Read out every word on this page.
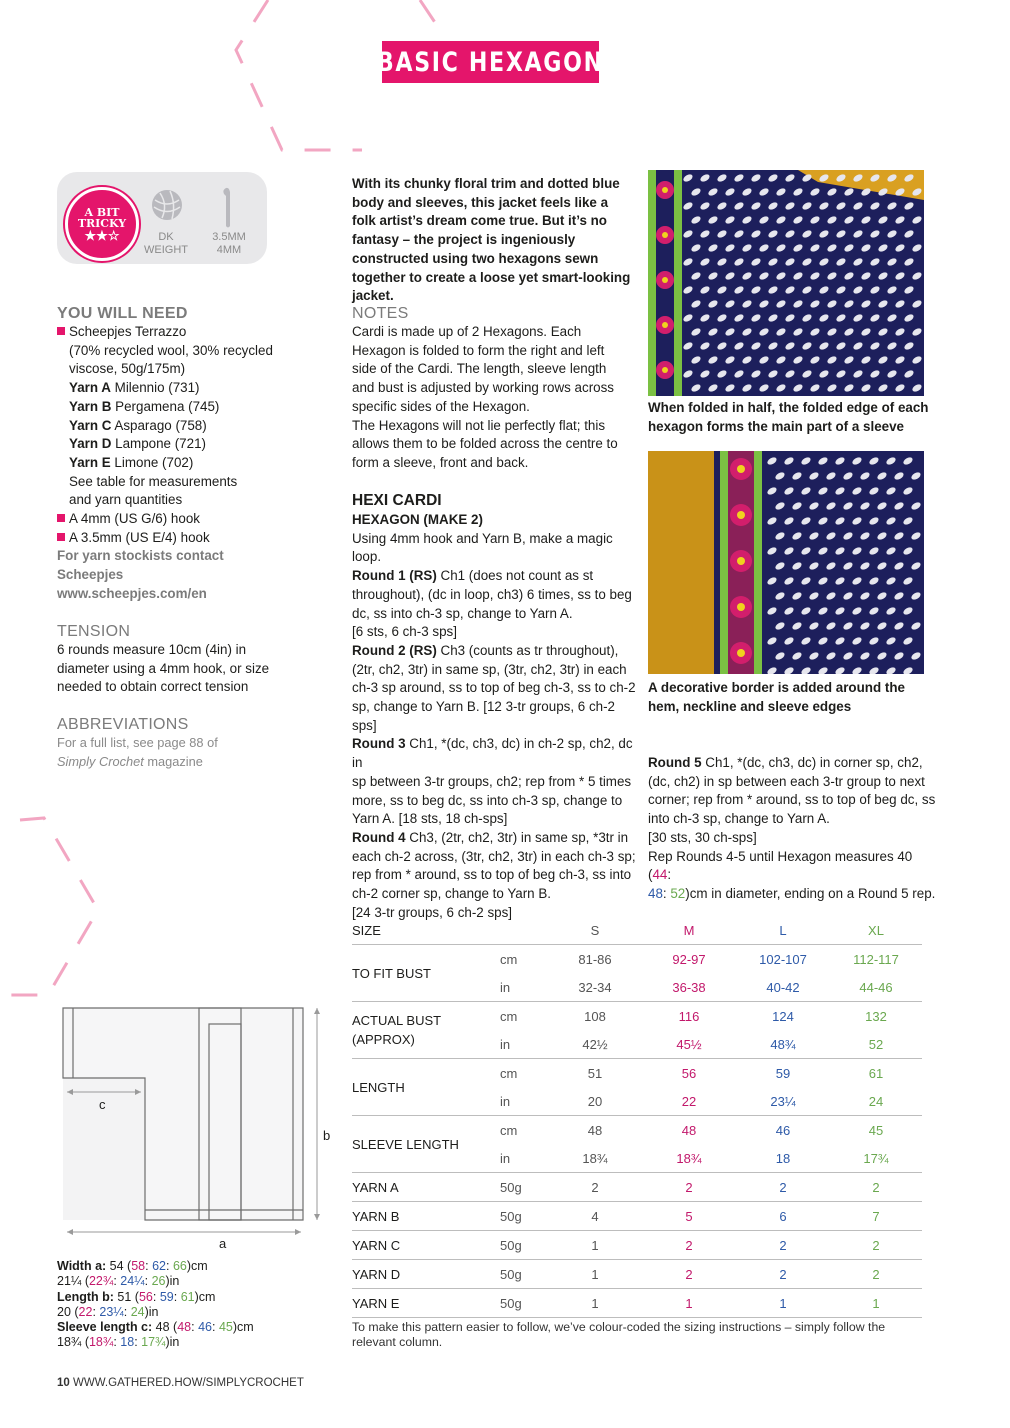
BASIC HEXAGON
A BIT
TRICKY
★★☆	DK
WEIGHT
3.5MM
4MM
With its chunky floral trim and dotted blue body and sleeves, this jacket feels like a folk artist’s dream come true. But it’s no fantasy – the project is ingeniously constructed using two hexagons sewn together to create a loose yet smart-looking jacket.
YOU WILL NEED
Scheepjes Terrazzo
(70% recycled wool, 30% recycled
viscose, 50g/175m)
Yarn A Milennio (731)
Yarn B Pergamena (745)
Yarn C Asparago (758)
Yarn D Lampone (721)
Yarn E Limone (702)
See table for measurements
and yarn quantities
A 4mm (US G/6) hook
A 3.5mm (US E/4) hook
For yarn stockists contact
Scheepjes
www.scheepjes.com/en
TENSION
6 rounds measure 10cm (4in) in
diameter using a 4mm hook, or size
needed to obtain correct tension
ABBREVIATIONS
For a full list, see page 88 of
Simply Crochet magazine
NOTES
Cardi is made up of 2 Hexagons. Each
Hexagon is folded to form the right and left
side of the Cardi. The length, sleeve length
and bust is adjusted by working rows across
specific sides of the Hexagon.
The Hexagons will not lie perfectly flat; this
allows them to be folded across the centre to
form a sleeve, front and back.
HEXI CARDI
HEXAGON (MAKE 2)
Using 4mm hook and Yarn B, make a magic
loop.
Round 1 (RS) Ch1 (does not count as st
throughout), (dc in loop, ch3) 6 times, ss to beg
dc, ss into ch-3 sp, change to Yarn A.
[6 sts, 6 ch-3 sps]
Round 2 (RS) Ch3 (counts as tr throughout),
(2tr, ch2, 3tr) in same sp, (3tr, ch2, 3tr) in each
ch-3 sp around, ss to top of beg ch-3, ss to ch-2
sp, change to Yarn B. [12 3-tr groups, 6 ch-2 sps]
Round 3 Ch1, *(dc, ch3, dc) in ch-2 sp, ch2, dc in
sp between 3-tr groups, ch2; rep from * 5 times
more, ss to beg dc, ss into ch-3 sp, change to
Yarn A. [18 sts, 18 ch-sps]
Round 4 Ch3, (2tr, ch2, 3tr) in same sp, *3tr in
each ch-2 across, (3tr, ch2, 3tr) in each ch-3 sp;
rep from * around, ss to top of beg ch-3, ss into
ch-2 corner sp, change to Yarn B.
[24 3-tr groups, 6 ch-2 sps]
When folded in half, the folded edge of each
hexagon forms the main part of a sleeve
A decorative border is added around the
hem, neckline and sleeve edges
Round 5 Ch1, *(dc, ch3, dc) in corner sp, ch2,
(dc, ch2) in sp between each 3-tr group to next
corner; rep from * around, ss to top of beg dc, ss
into ch-3 sp, change to Yarn A.
[30 sts, 30 ch-sps]
Rep Rounds 4-5 until Hexagon measures 40 (44:
48: 52)cm in diameter, ending on a Round 5 rep.
c
a
b
Width a: 54 (58: 62: 66)cm
21¼ (22¾: 24¼: 26)in
Length b: 51 (56: 59: 61)cm
20 (22: 23¼: 24)in
Sleeve length c: 48 (48: 46: 45)cm
18¾ (18¾: 18: 17¾)in
SIZE		S	M	L	XL
TO FIT BUST	cm	81-86	92-97	102-107	112-117
	in	32-34	36-38	40-42	44-46

ACTUAL BUST
(APPROX)	cm	108	116	124	132
	in	42½	45½	48¾	52
LENGTH	cm	51	56	59	61
	in	20	22	23¼	24
SLEEVE LENGTH	cm	48	48	46	45
	in	18¾	18¾	18	17¾
YARN A	50g	2	2	2	2
YARN B	50g	4	5	6	7
YARN C	50g	1	2	2	2
YARN D	50g	1	2	2	2
YARN E	50g	1	1	1	1
To make this pattern easier to follow, we’ve colour-coded the sizing instructions – simply follow the
relevant column.
10 WWW.GATHERED.HOW/SIMPLYCROCHET
